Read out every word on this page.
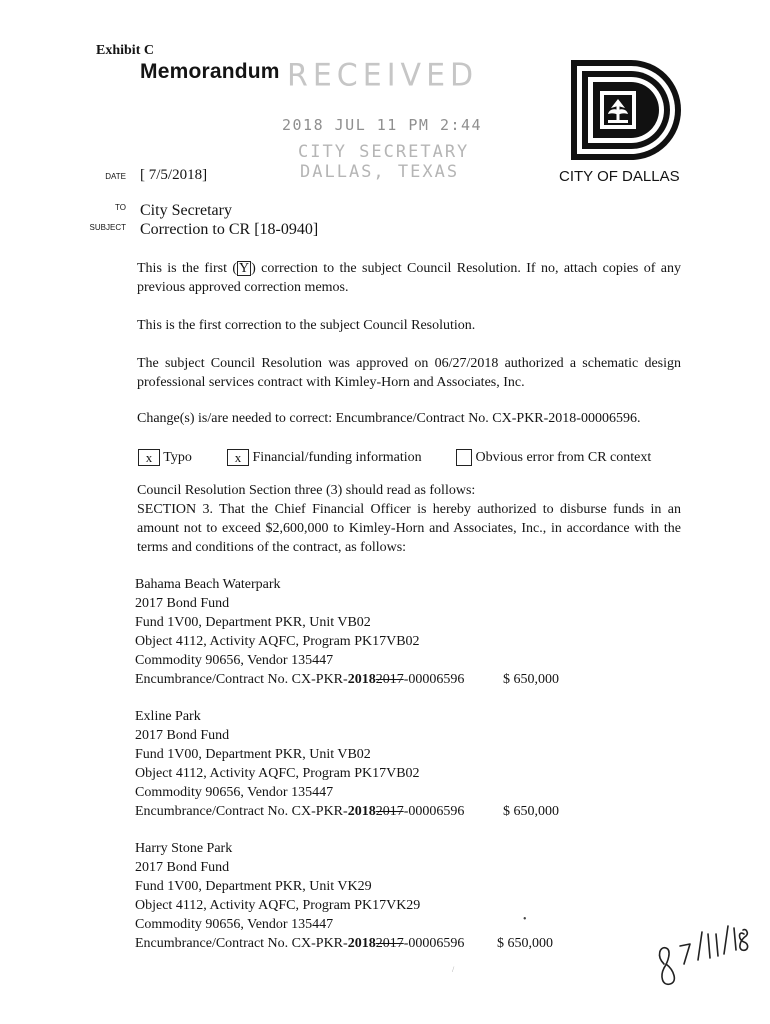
Exhibit C
Memorandum RECEIVED
2018 JUL 11 PM 2:44
CITY SECRETARY
DALLAS, TEXAS	CITY OF DALLAS
DATE [ 7/5/2018]
TO City Secretary
SUBJECT Correction to CR [18-0940]
This is the first ( Y ) correction to the subject Council Resolution. If no, attach copies of any previous approved correction memos.
This is the first correction to the subject Council Resolution.
The subject Council Resolution was approved on 06/27/2018 authorized a schematic design professional services contract with Kimley-Horn and Associates, Inc.
Change(s) is/are needed to correct: Encumbrance/Contract No. CX-PKR-2018-00006596.
x Typo	x Financial/funding information	Obvious error from CR context
Council Resolution Section three (3) should read as follows:
SECTION 3. That the Chief Financial Officer is hereby authorized to disburse funds in an amount not to exceed $2,600,000 to Kimley-Horn and Associates, Inc., in accordance with the terms and conditions of the contract, as follows:
Bahama Beach Waterpark
2017 Bond Fund
Fund 1V00, Department PKR, Unit VB02
Object 4112, Activity AQFC, Program PK17VB02
Commodity 90656, Vendor 135447
Encumbrance/Contract No. CX-PKR-20182017-00006596	$ 650,000
Exline Park
2017 Bond Fund
Fund 1V00, Department PKR, Unit VB02
Object 4112, Activity AQFC, Program PK17VB02
Commodity 90656, Vendor 135447
Encumbrance/Contract No. CX-PKR-20182017-00006596	$ 650,000
Harry Stone Park
2017 Bond Fund
Fund 1V00, Department PKR, Unit VK29
Object 4112, Activity AQFC, Program PK17VK29
Commodity 90656, Vendor 135447
Encumbrance/Contract No. CX-PKR-20182017-00006596	$ 650,000
•
/
